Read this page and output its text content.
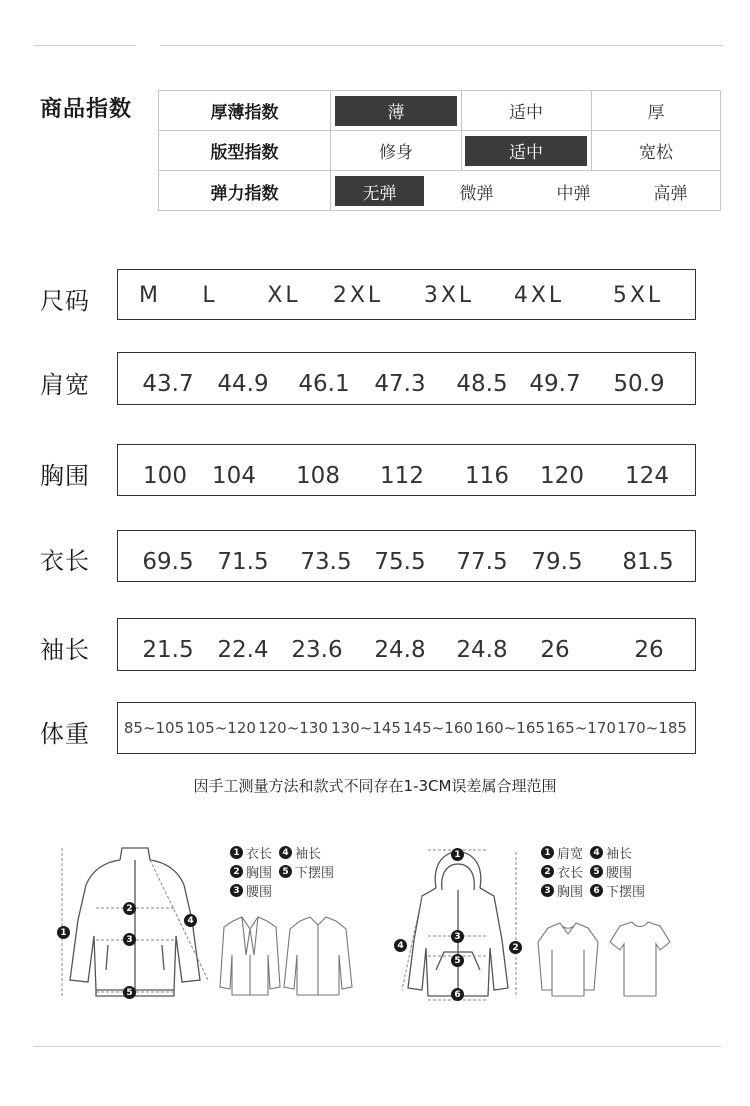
商品指数	厚薄指数	薄	适中	厚
版型指数	修身	适中	宽松
弹力指数	无弹	微弹	中弹	高弹
尺码 M L XL 2XL 3XL 4XL 5XL
肩宽 43.7 44.9 46.1 47.3 48.5 49.7 50.9
胸围 100 104 108 112 116 120 124
衣长 69.5 71.5 73.5 75.5 77.5 79.5 81.5
袖长 21.5 22.4 23.6 24.8 24.8 26	26
体重 85~105 105~120 120~130 130~145 145~160 160~165 165~170 170~185
因手工测量方法和款式不同存在1-3CM误差属合理范围
1
2
3
4
5
1 衣长	4 袖长
2 胸围	5 下摆围
3 腰围
1
2
3
4
5
6
1 肩宽	4 袖长
2 衣长	5 腰围
3 胸围	6 下摆围
